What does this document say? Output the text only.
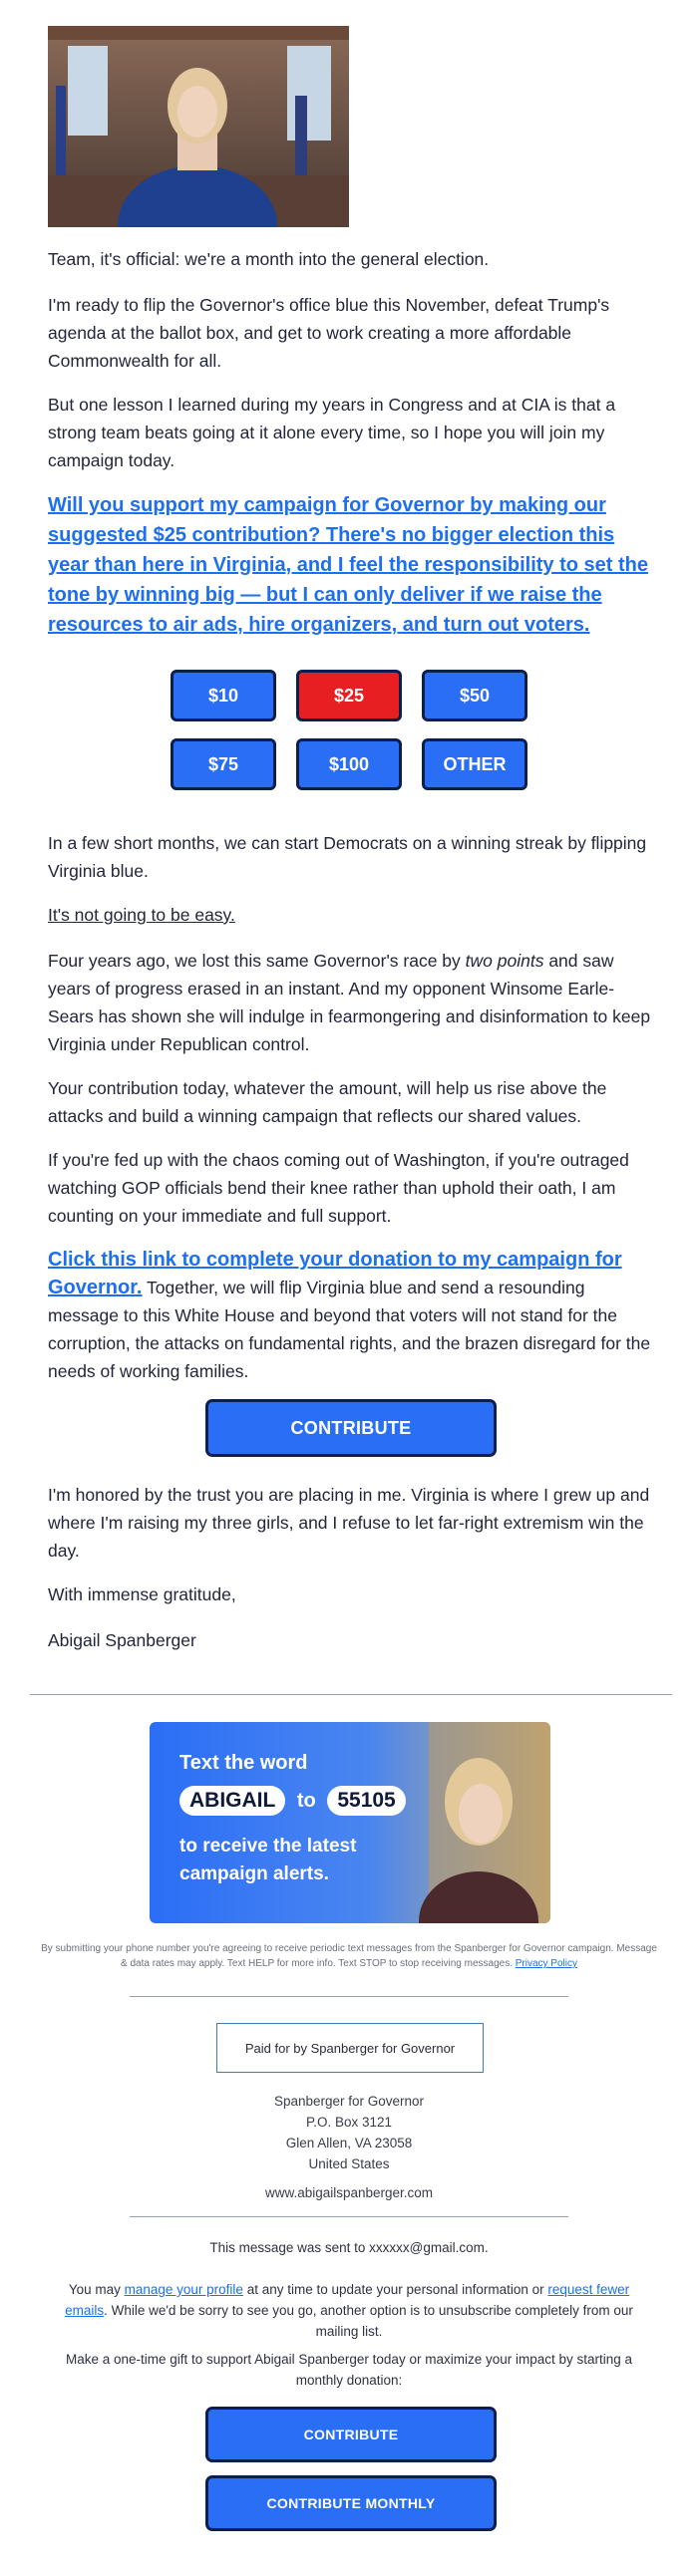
Team, it's official: we're a month into the general election.

I'm ready to flip the Governor's office blue this November, defeat Trump's agenda at the ballot box, and get to work creating a more affordable Commonwealth for all.

But one lesson I learned during my years in Congress and at CIA is that a strong team beats going at it alone every time, so I hope you will join my campaign today.

Will you support my campaign for Governor by making our suggested $25 contribution? There's no bigger election this year than here in Virginia, and I feel the responsibility to set the tone by winning big — but I can only deliver if we raise the resources to air ads, hire organizers, and turn out voters.

$10	$25	$50
$75	$100	OTHER

In a few short months, we can start Democrats on a winning streak by flipping Virginia blue.

It's not going to be easy.

Four years ago, we lost this same Governor's race by two points and saw years of progress erased in an instant. And my opponent Winsome Earle-Sears has shown she will indulge in fearmongering and disinformation to keep Virginia under Republican control.

Your contribution today, whatever the amount, will help us rise above the attacks and build a winning campaign that reflects our shared values.

If you're fed up with the chaos coming out of Washington, if you're outraged watching GOP officials bend their knee rather than uphold their oath, I am counting on your immediate and full support.

Click this link to complete your donation to my campaign for Governor. Together, we will flip Virginia blue and send a resounding message to this White House and beyond that voters will not stand for the corruption, the attacks on fundamental rights, and the brazen disregard for the needs of working families.

CONTRIBUTE

I'm honored by the trust you are placing in me. Virginia is where I grew up and where I'm raising my three girls, and I refuse to let far-right extremism win the day.

With immense gratitude,

Abigail Spanberger

Text the word
ABIGAIL to 55105
to receive the latest
campaign alerts.
By submitting your phone number you're agreeing to receive periodic text messages from the Spanberger for Governor campaign. Message & data rates may apply. Text HELP for more info. Text STOP to stop receiving messages. Privacy Policy
Paid for by Spanberger for Governor
Spanberger for Governor
P.O. Box 3121
Glen Allen, VA 23058
United States
www.abigailspanberger.com
This message was sent to xxxxxx@gmail.com.
You may manage your profile at any time to update your personal information or request fewer emails. While we'd be sorry to see you go, another option is to unsubscribe completely from our mailing list.
Make a one-time gift to support Abigail Spanberger today or maximize your impact by starting a monthly donation:
CONTRIBUTE
CONTRIBUTE MONTHLY
